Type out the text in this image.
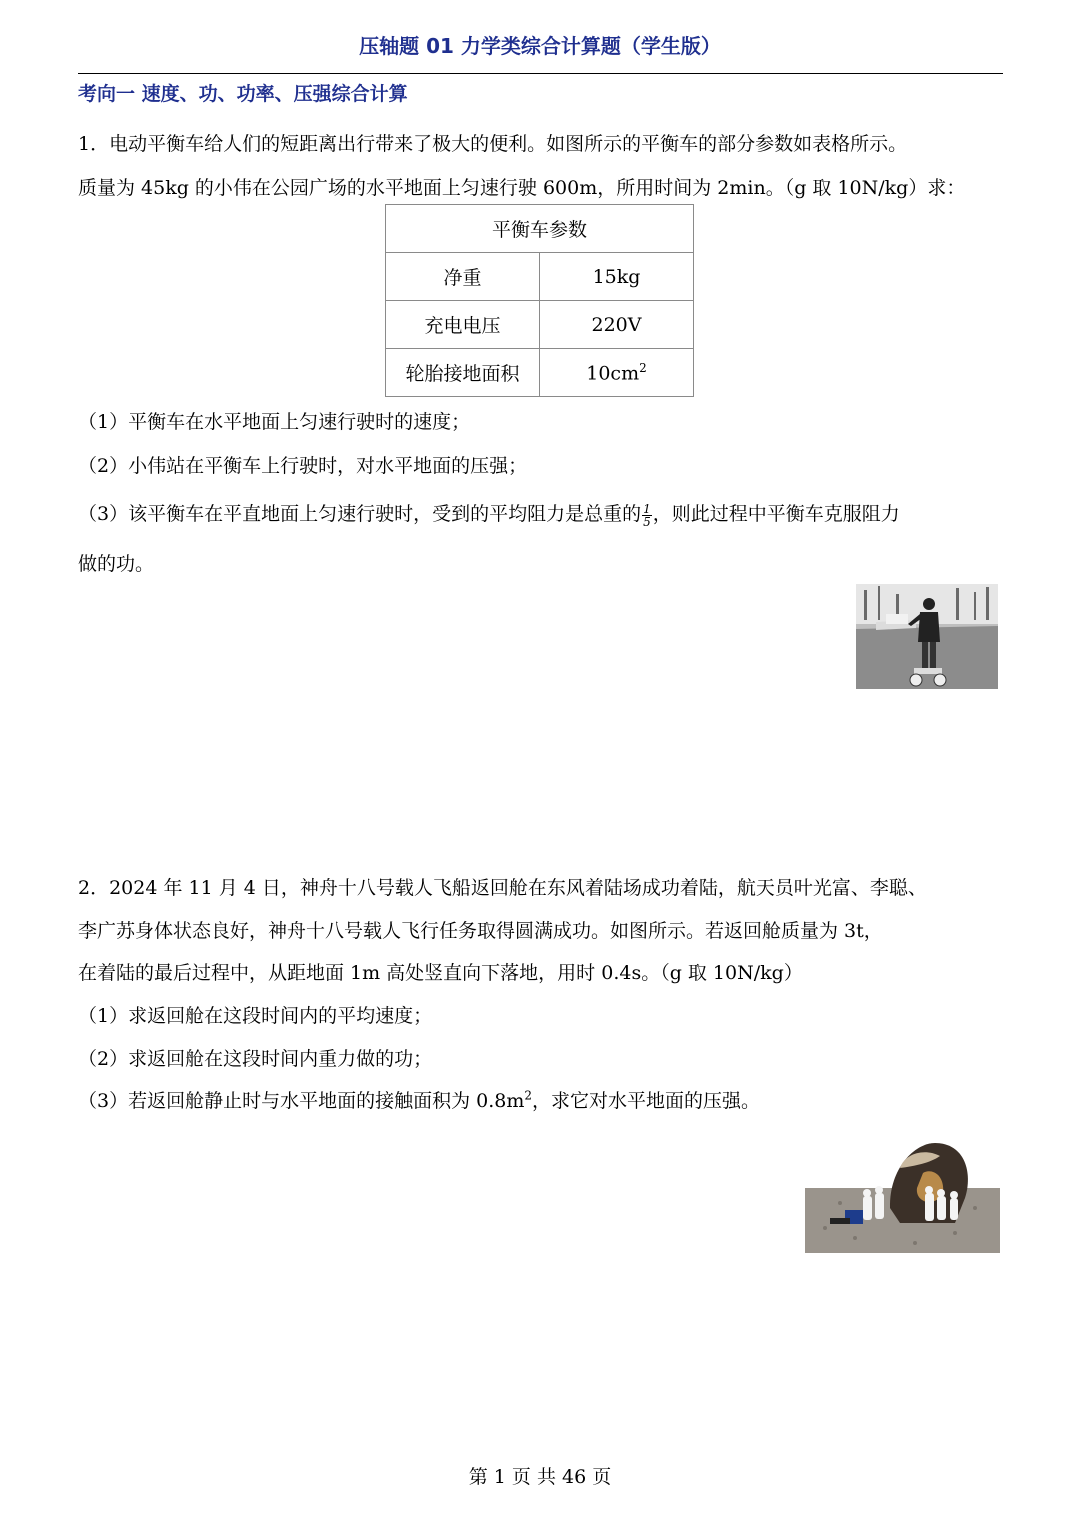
压轴题 01 力学类综合计算题（学生版）
考向一 速度、功、功率、压强综合计算
1．电动平衡车给人们的短距离出行带来了极大的便利。如图所示的平衡车的部分参数如表格所示。
质量为 45kg 的小伟在公园广场的水平地面上匀速行驶 600m，所用时间为 2min。（g 取 10N/kg）求：
平衡车参数	
净重	15kg
充电电压	220V
轮胎接地面积	$10cm^2$
（1）平衡车在水平地面上匀速行驶时的速度；
（2）小伟站在平衡车上行驶时，对水平地面的压强；
（3）该平衡车在平直地面上匀速行驶时，受到的平均阻力是总重的 $\frac{1}{5}$ ，则此过程中平衡车克服阻力
做的功。
2．2024 年 11 月 4 日，神舟十八号载人飞船返回舱在东风着陆场成功着陆，航天员叶光富、李聪、
李广苏身体状态良好，神舟十八号载人飞行任务取得圆满成功。如图所示。若返回舱质量为 3t，
在着陆的最后过程中，从距地面 1m 高处竖直向下落地，用时 0.4s。（g 取 10N/kg）
（1）求返回舱在这段时间内的平均速度；
（2）求返回舱在这段时间内重力做的功；
（3）若返回舱静止时与水平地面的接触面积为 $0.8m^2$，求它对水平地面的压强。
第 1 页 共 46 页
